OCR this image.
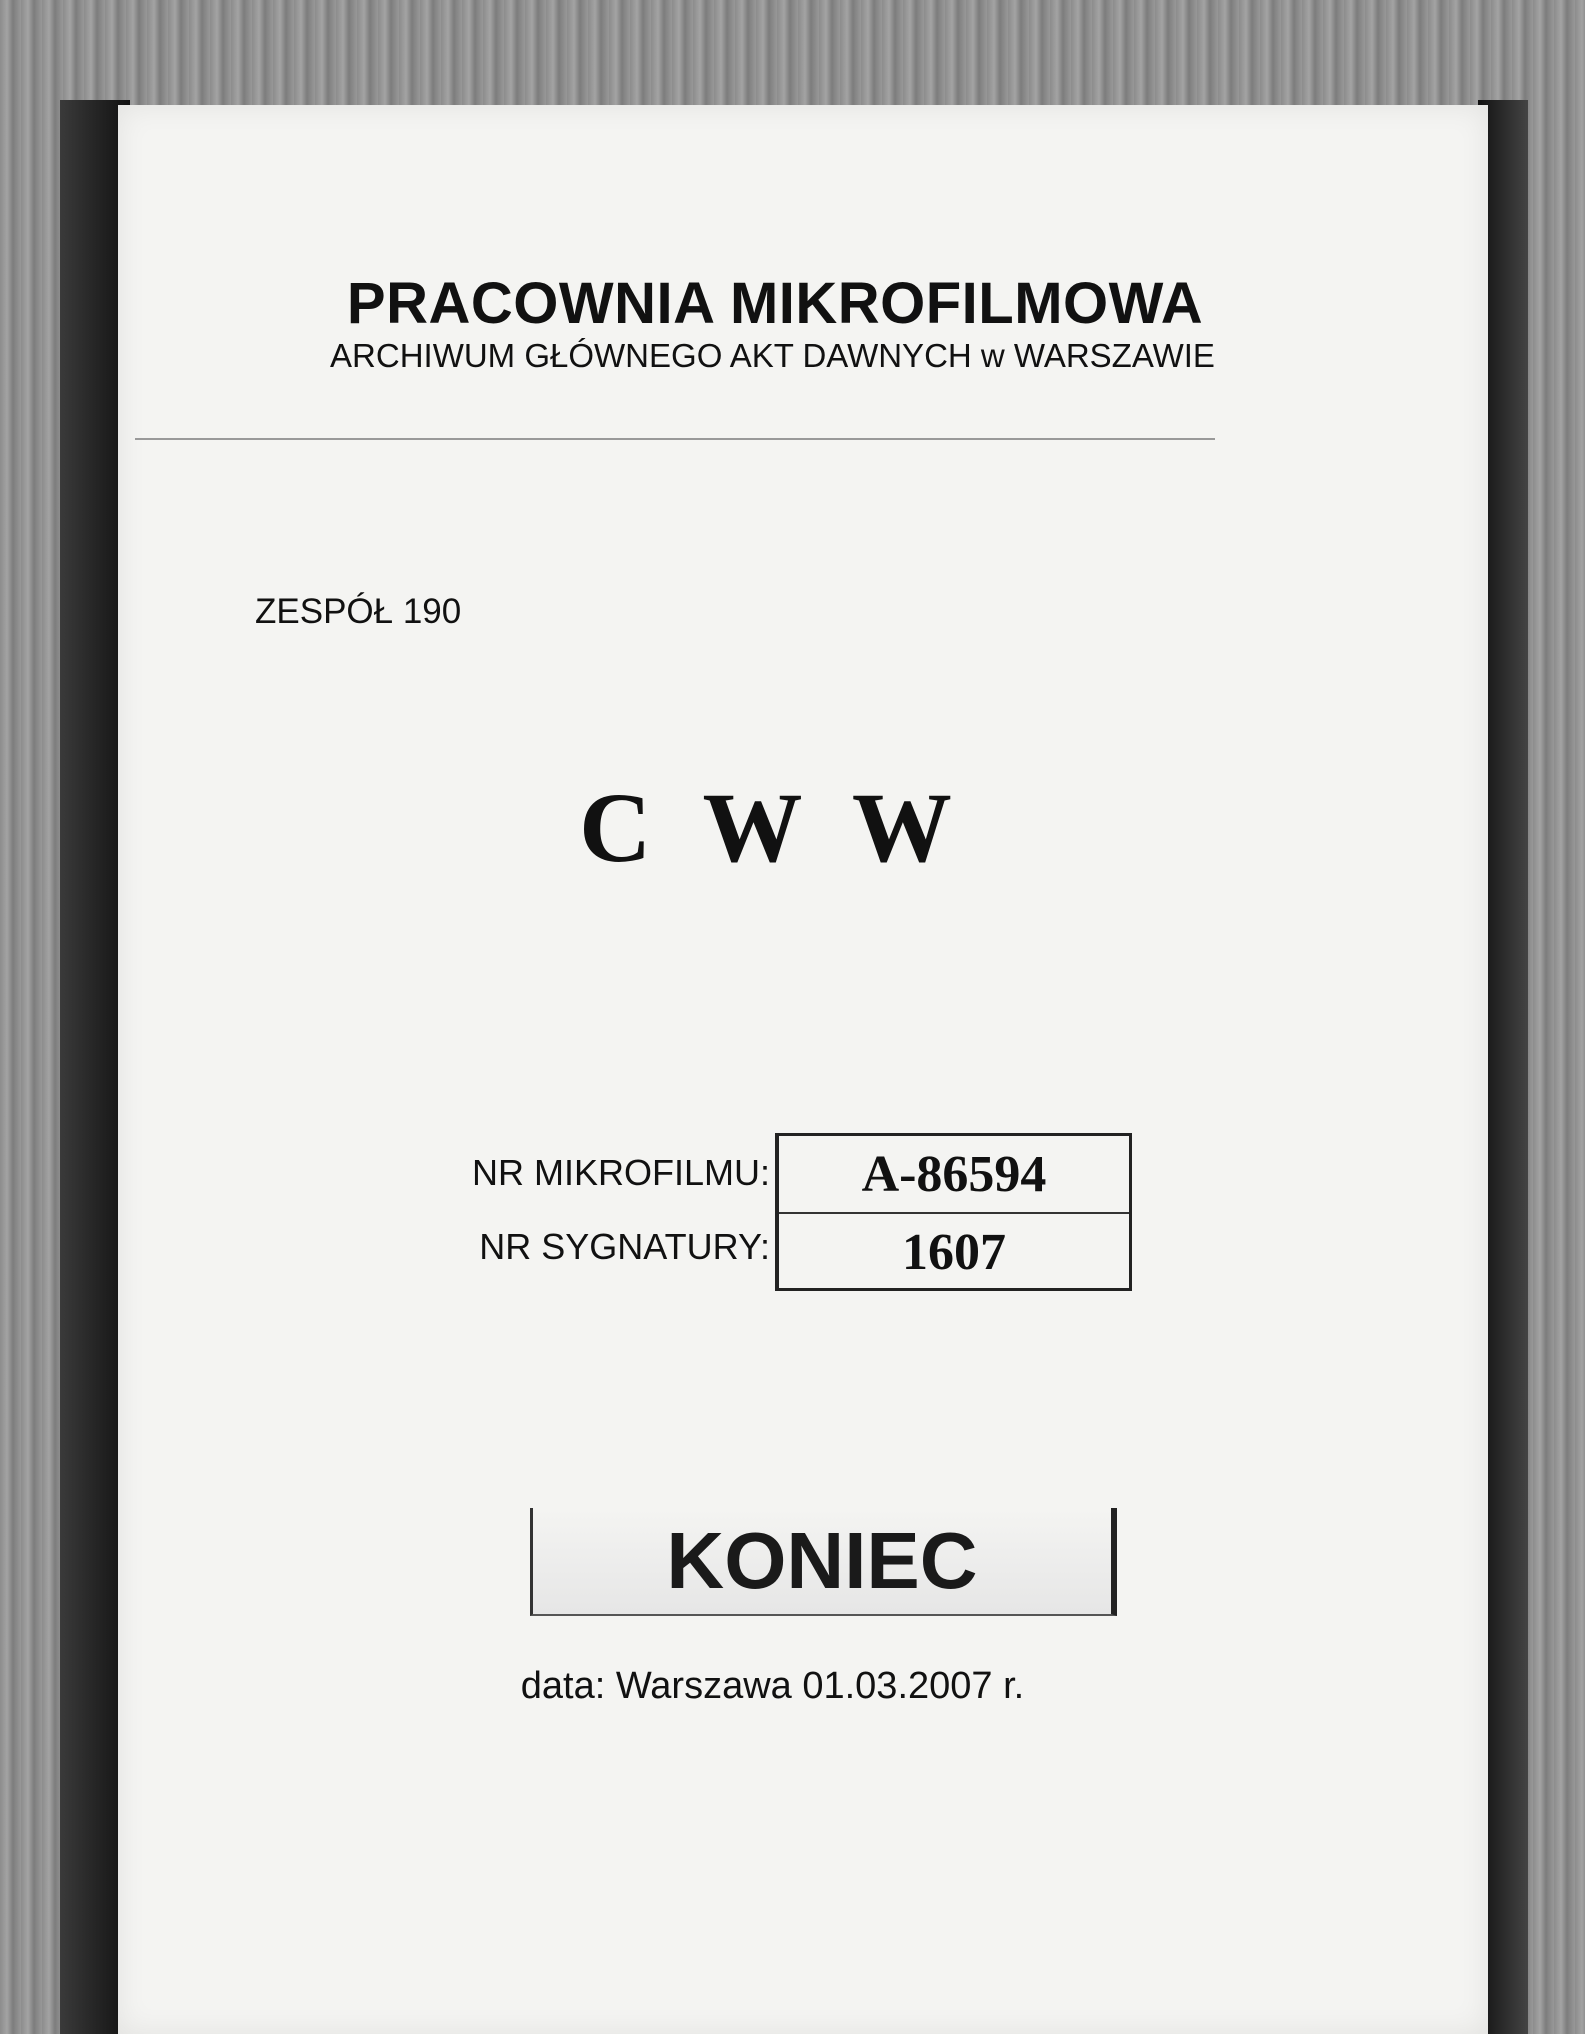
PRACOWNIA MIKROFILMOWA
ARCHIWUM GŁÓWNEGO AKT DAWNYCH w WARSZAWIE
ZESPÓŁ 190
C W W
NR MIKROFILMU:
NR SYGNATURY:
A-86594
1607
KONIEC
data: Warszawa 01.03.2007 r.
